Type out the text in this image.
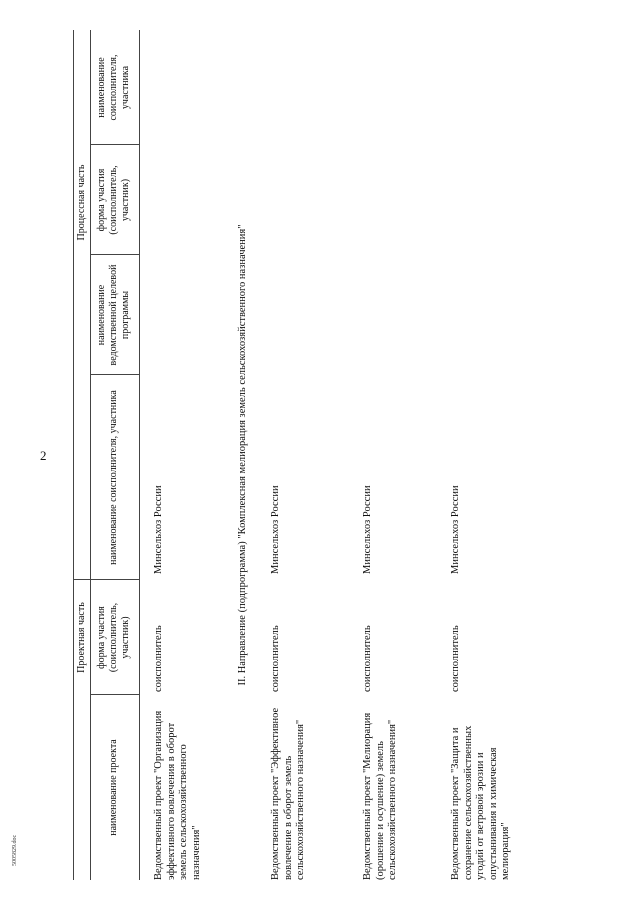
2
5005829.doc
Проектная часть
Процессная часть
наименование проекта
форма участия (соисполнитель, участник)
наименование соисполнителя, участника
наименование ведомственной целевой программы
форма участия (соисполнитель, участник)
наименование соисполнителя, участника
Ведомственный проект "Организация эффективного вовлечения в оборот земель сельскохозяйственного назначения"
соисполнитель
Минсельхоз России	II. Направление (подпрограмма) "Комплексная мелиорация земель сельскохозяйственного назначения"
Ведомственный проект "Эффективное вовлечение в оборот земель сельскохозяйственного назначения"
соисполнитель
Минсельхоз России
Ведомственный проект "Мелиорация (орошение и осушение) земель сельскохозяйственного назначения"
соисполнитель
Минсельхоз России
Ведомственный проект "Защита и сохранение сельскохозяйственных угодий от ветровой эрозии и опустынивания и химическая мелиорация"
соисполнитель
Минсельхоз России
